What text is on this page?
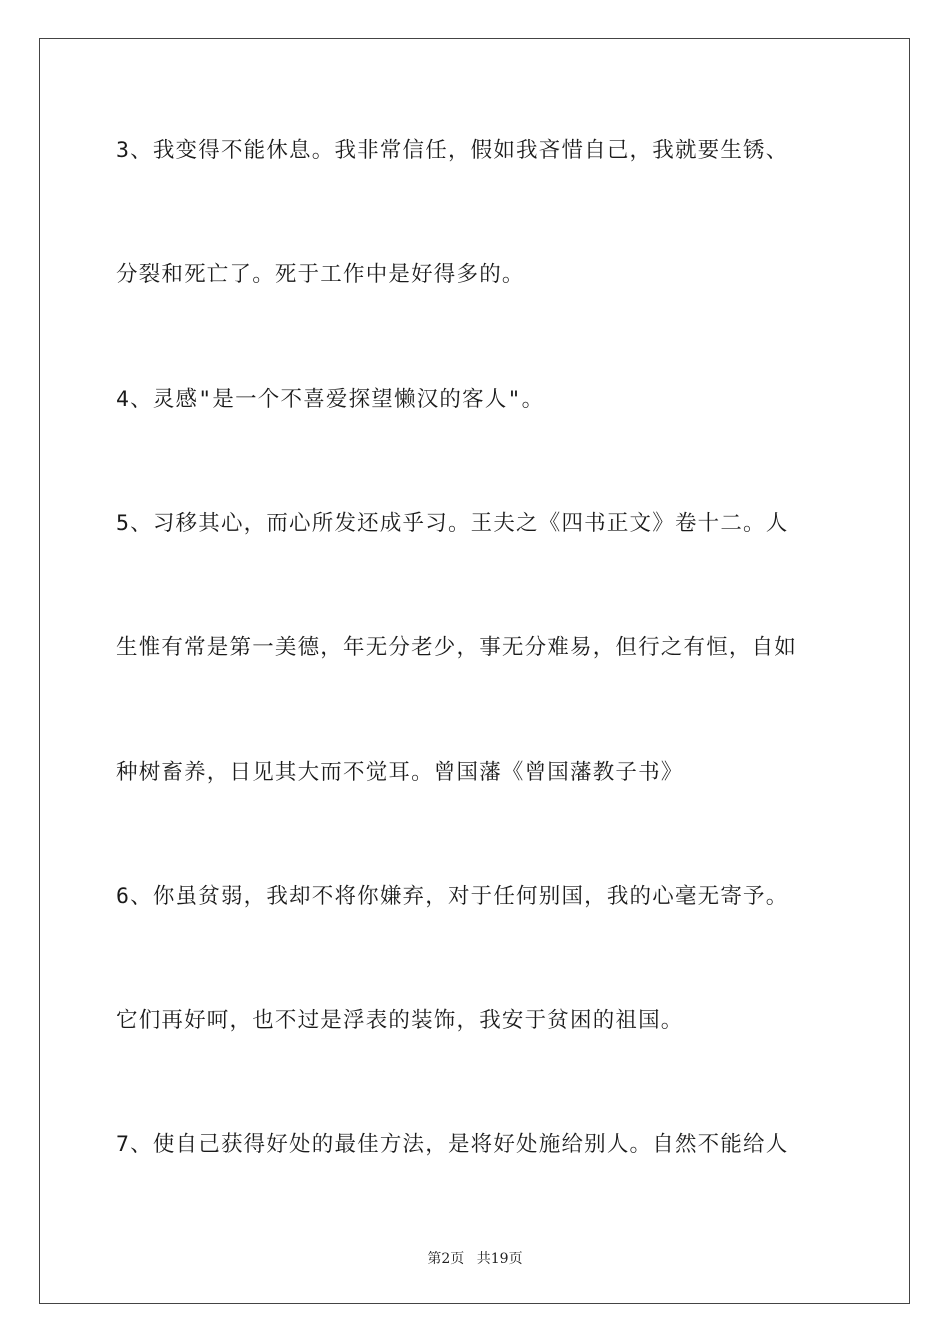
3、我变得不能休息。我非常信任，假如我吝惜自己，我就要生锈、
分裂和死亡了。死于工作中是好得多的。
4、灵感"是一个不喜爱探望懒汉的客人"。
5、习移其心，而心所发还成乎习。王夫之《四书正文》卷十二。人
生惟有常是第一美德，年无分老少，事无分难易，但行之有恒，自如
种树畜养，日见其大而不觉耳。曾国藩《曾国藩教子书》
6、你虽贫弱，我却不将你嫌弃，对于任何别国，我的心毫无寄予。
它们再好呵，也不过是浮表的装饰，我安于贫困的祖国。
7、使自己获得好处的最佳方法，是将好处施给别人。自然不能给人
第2页 共19页
